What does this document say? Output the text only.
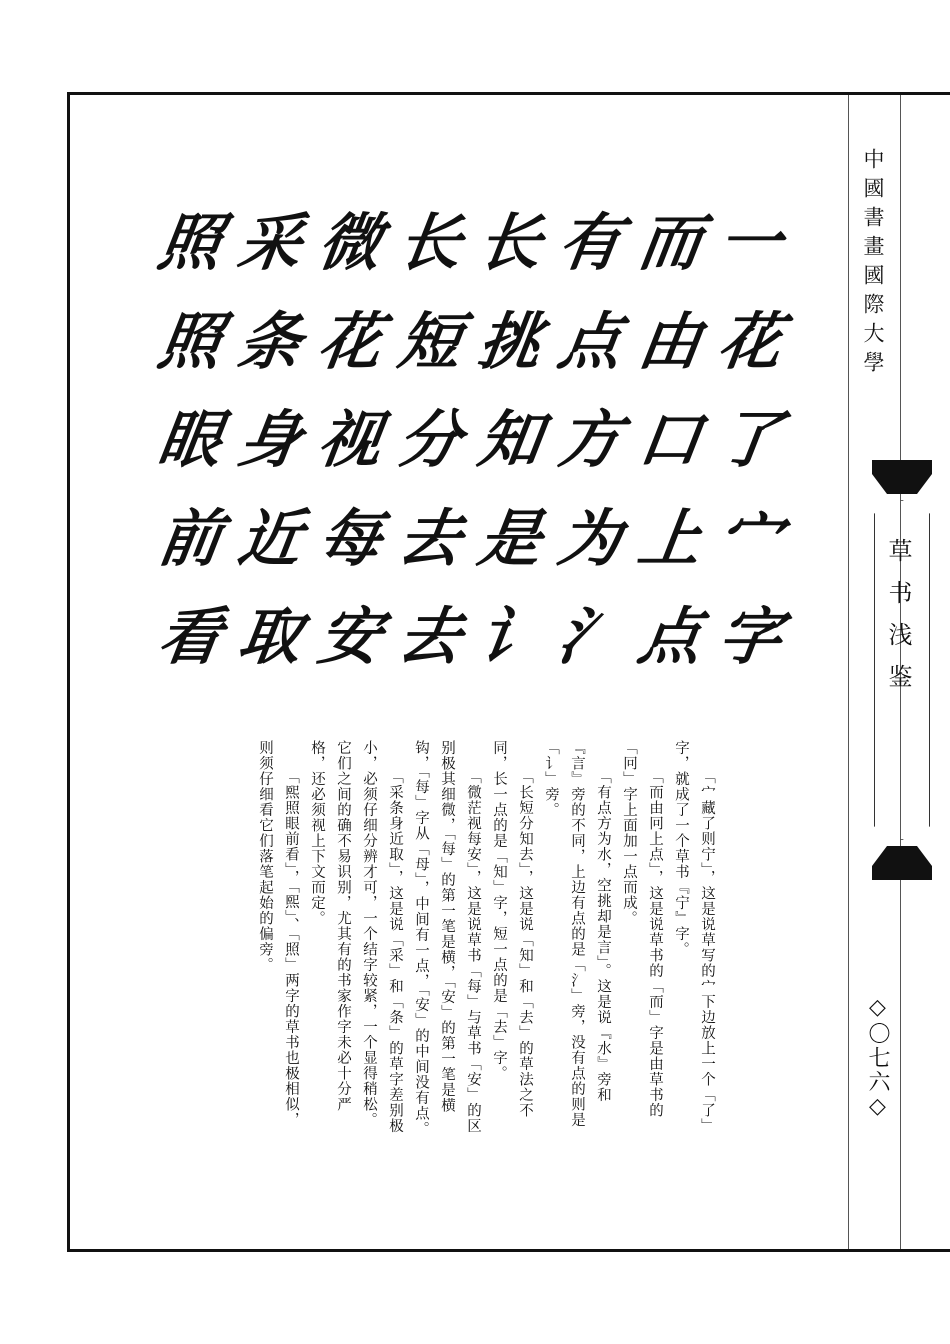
中國書畫國際大學
草书浅鉴
◇〇七六◇
一
花
了
宀
字
而
由
口
上
点
有
点
方
为
氵
长
挑
知
是
讠
长
短
分
去
去
微
花
视
每
安
采
条
身
近
取
照
照
眼
前
看

「宀藏了则宁」，这是说草写的宀下边放上一个「了」字，就成了一个草书『宁』字。

「而由冋上点」，这是说草书的「而」字是由草书的「冋」字上面加一点而成。

「有点方为水，空挑却是言」。这是说『水』旁和『言』旁的不同，上边有点的是「氵」旁，没有点的则是「讠」旁。

「长短分知去」，这是说「知」和「去」的草法之不同，长一点的是「知」字，短一点的是「去」字。

「微茫视每安」，这是说草书「每」与草书「安」的区别极其细微，「每」的第一笔是横，「安」的第一笔是横钩，「每」字从「母」，中间有一点，「安」的中间没有点。

「采条身近取」，这是说「采」和「条」的草字差别极小，必须仔细分辨才可，一个结字较紧，一个显得稍松。它们之间的确不易识别，尤其有的书家作字未必十分严格，还必须视上下文而定。

「熙照眼前看」，「熙」、「照」两字的草书也极相似，则须仔细看它们落笔起始的偏旁。
